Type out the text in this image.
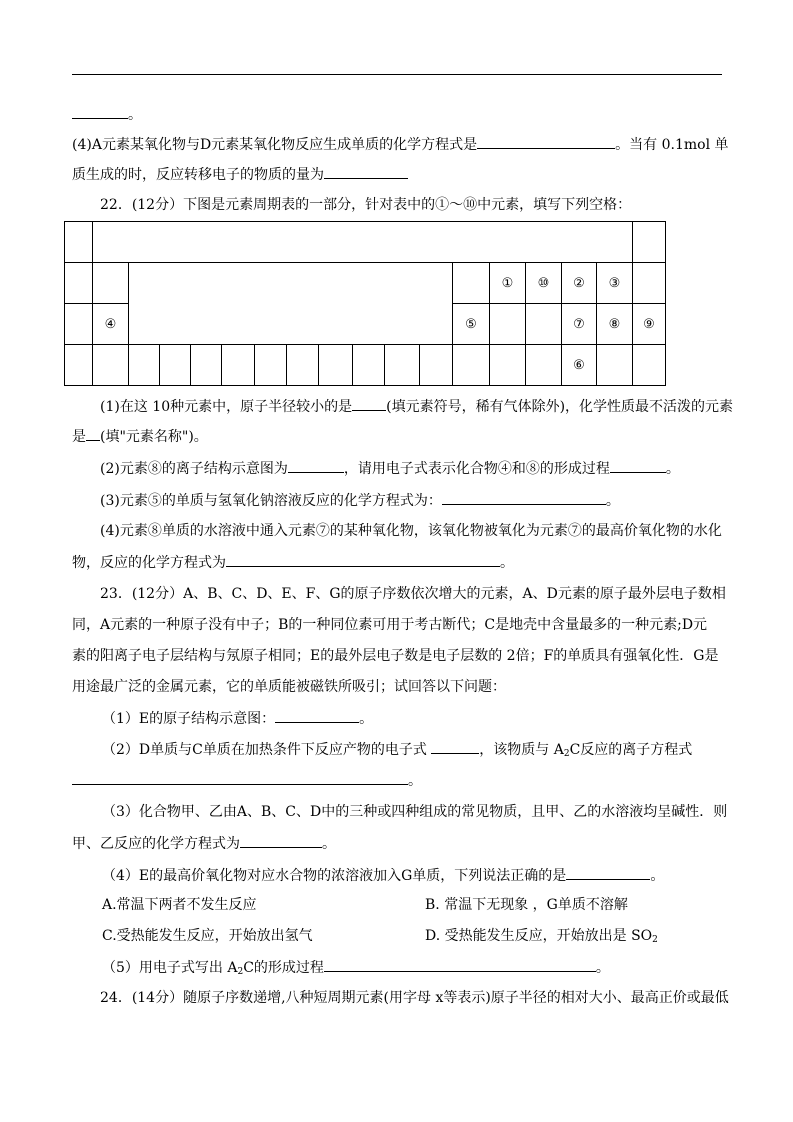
。
(4)A元素某氧化物与D元素某氧化物反应生成单质的化学方程式是	。当有 0.1mol 单
质生成的时，反应转移电子的物质的量为
22．(12分）下图是元素周期表的一部分，针对表中的①～⑩中元素，填写下列空格：

													①	⑩	②	③	
	④											⑤			⑦	⑧	⑨
															⑥		
(1)在这 10种元素中，原子半径较小的是 (填元素符号，稀有气体除外)，化学性质最不活泼的元素
是 (填"元素名称")。
(2)元素⑧的离子结构示意图为	，请用电子式表示化合物④和⑧的形成过程	。
(3)元素⑤的单质与氢氧化钠溶液反应的化学方程式为：	。
(4)元素⑧单质的水溶液中通入元素⑦的某种氧化物，该氧化物被氧化为元素⑦的最高价氧化物的水化
物，反应的化学方程式为	。
23．(12分）A、B、C、D、E、F、G的原子序数依次增大的元素，A、D元素的原子最外层电子数相
同，A元素的一种原子没有中子；B的一种同位素可用于考古断代；C是地壳中含量最多的一种元素;D元
素的阳离子电子层结构与氖原子相同；E的最外层电子数是电子层数的 2倍；F的单质具有强氧化性．G是
用途最广泛的金属元素，它的单质能被磁铁所吸引；试回答以下问题：
（1）E的原子结构示意图：	。
（2）D单质与C单质在加热条件下反应产物的电子式	，该物质与 $A_2C$反应的离子方程式
。
（3）化合物甲、乙由A、B、C、D中的三种或四种组成的常见物质，且甲、乙的水溶液均呈碱性．则
甲、乙反应的化学方程式为	。
（4）E的最高价氧化物对应水合物的浓溶液加入G单质，下列说法正确的是	。
A.常温下两者不发生反应	B. 常温下无现象 ，G单质不溶解
C.受热能发生反应，开始放出氢气	D. 受热能发生反应，开始放出是 $SO_2$
（5）用电子式写出 $A_2C$的形成过程	。
24．(14分）随原子序数递增,八种短周期元素(用字母 x等表示)原子半径的相对大小、最高正价或最低
